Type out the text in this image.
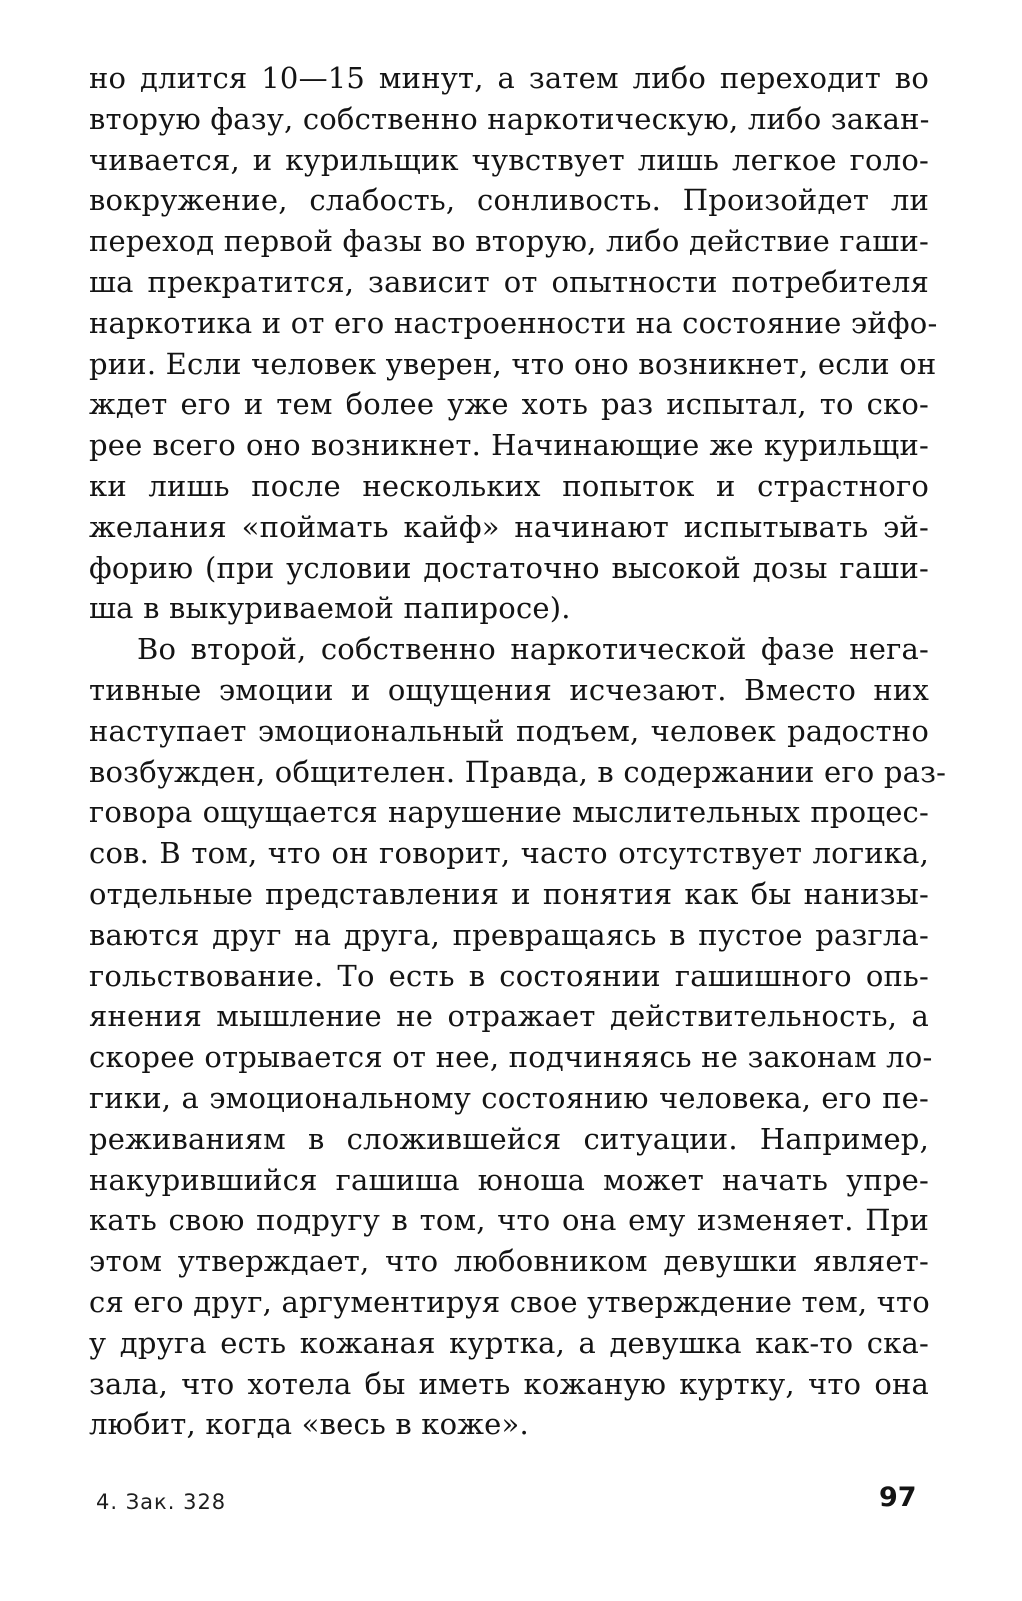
но длится 10—15 минут, а затем либо переходит во
вторую фазу, собственно наркотическую, либо закан-
чивается, и курильщик чувствует лишь легкое голо-
вокружение, слабость, сонливость. Произойдет ли
переход первой фазы во вторую, либо действие гаши-
ша прекратится, зависит от опытности потребителя
наркотика и от его настроенности на состояние эйфо-
рии. Если человек уверен, что оно возникнет, если он
ждет его и тем более уже хоть раз испытал, то ско-
рее всего оно возникнет. Начинающие же курильщи-
ки лишь после нескольких попыток и страстного
желания «поймать кайф» начинают испытывать эй-
форию (при условии достаточно высокой дозы гаши-
ша в выкуриваемой папиросе).
Во второй, собственно наркотической фазе нега-
тивные эмоции и ощущения исчезают. Вместо них
наступает эмоциональный подъем, человек радостно
возбужден, общителен. Правда, в содержании его раз-
говора ощущается нарушение мыслительных процес-
сов. В том, что он говорит, часто отсутствует логика,
отдельные представления и понятия как бы нанизы-
ваются друг на друга, превращаясь в пустое разгла-
гольствование. То есть в состоянии гашишного опь-
янения мышление не отражает действительность, а
скорее отрывается от нее, подчиняясь не законам ло-
гики, а эмоциональному состоянию человека, его пе-
реживаниям в сложившейся ситуации. Например,
накурившийся гашиша юноша может начать упре-
кать свою подругу в том, что она ему изменяет. При
этом утверждает, что любовником девушки являет-
ся его друг, аргументируя свое утверждение тем, что
у друга есть кожаная куртка, а девушка как-то ска-
зала, что хотела бы иметь кожаную куртку, что она
любит, когда «весь в коже».
4. Зак. 328	97
